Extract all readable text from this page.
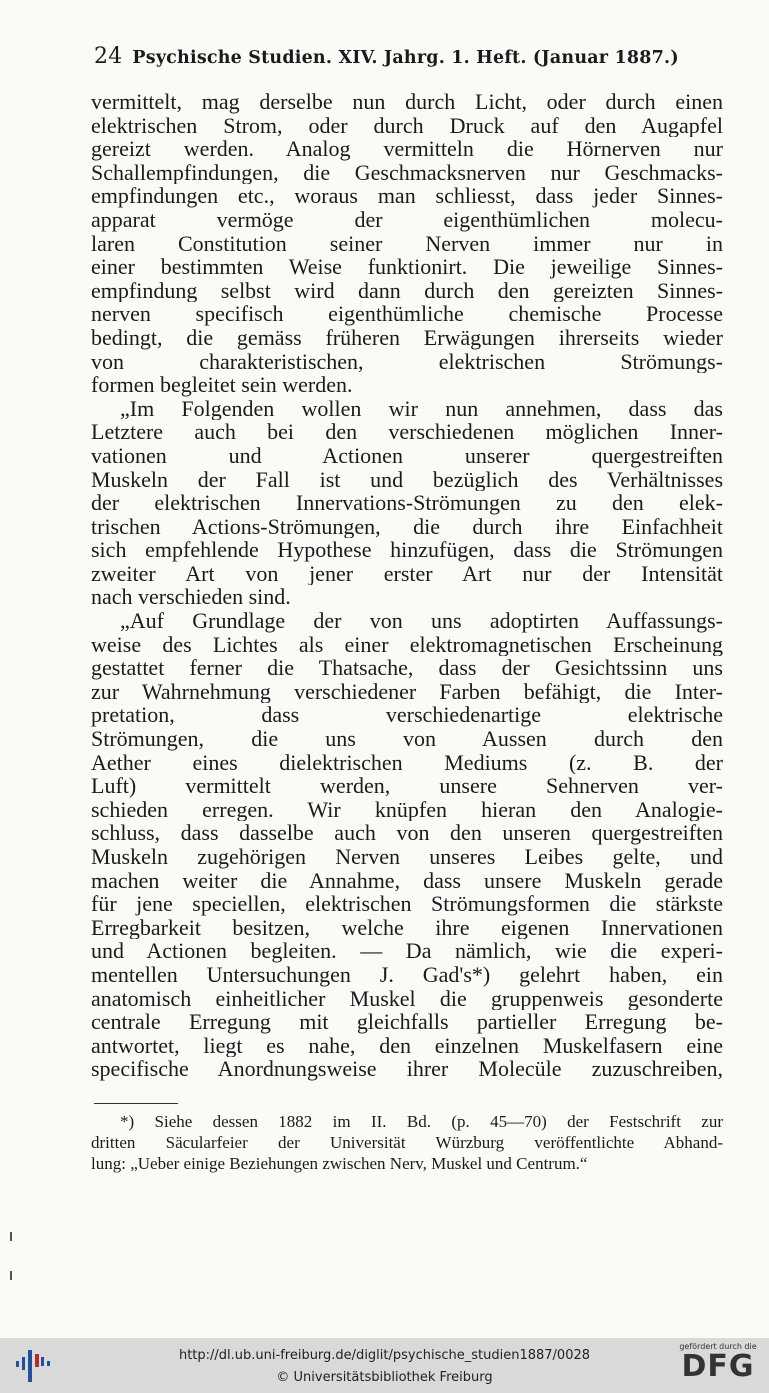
24 Psychische Studien. XIV. Jahrg. 1. Heft. (Januar 1887.)
vermittelt, mag derselbe nun durch Licht, oder durch einen
elektrischen Strom, oder durch Druck auf den Augapfel
gereizt werden. Analog vermitteln die Hörnerven nur
Schallempfindungen, die Geschmacksnerven nur Geschmacks-
empfindungen etc., woraus man schliesst, dass jeder Sinnes-
apparat vermöge der eigenthümlichen molecu-
laren Constitution seiner Nerven immer nur in
einer bestimmten Weise funktionirt. Die jeweilige Sinnes-
empfindung selbst wird dann durch den gereizten Sinnes-
nerven specifisch eigenthümliche chemische Processe
bedingt, die gemäss früheren Erwägungen ihrerseits wieder
von charakteristischen, elektrischen Strömungs-
formen begleitet sein werden.
„Im Folgenden wollen wir nun annehmen, dass das
Letztere auch bei den verschiedenen möglichen Inner-
vationen und Actionen unserer quergestreiften
Muskeln der Fall ist und bezüglich des Verhältnisses
der elektrischen Innervations-Strömungen zu den elek-
trischen Actions-Strömungen, die durch ihre Einfachheit
sich empfehlende Hypothese hinzufügen, dass die Strömungen
zweiter Art von jener erster Art nur der Intensität
nach verschieden sind.
„Auf Grundlage der von uns adoptirten Auffassungs-
weise des Lichtes als einer elektromagnetischen Erscheinung
gestattet ferner die Thatsache, dass der Gesichtssinn uns
zur Wahrnehmung verschiedener Farben befähigt, die Inter-
pretation, dass verschiedenartige elektrische
Strömungen, die uns von Aussen durch den
Aether eines dielektrischen Mediums (z. B. der
Luft) vermittelt werden, unsere Sehnerven ver-
schieden erregen. Wir knüpfen hieran den Analogie-
schluss, dass dasselbe auch von den unseren quergestreiften
Muskeln zugehörigen Nerven unseres Leibes gelte, und
machen weiter die Annahme, dass unsere Muskeln gerade
für jene speciellen, elektrischen Strömungsformen die stärkste
Erregbarkeit besitzen, welche ihre eigenen Innervationen
und Actionen begleiten. — Da nämlich, wie die experi-
mentellen Untersuchungen J. Gad's*) gelehrt haben, ein
anatomisch einheitlicher Muskel die gruppenweis gesonderte
centrale Erregung mit gleichfalls partieller Erregung be-
antwortet, liegt es nahe, den einzelnen Muskelfasern eine
specifische Anordnungsweise ihrer Molecüle zuzuschreiben,
*) Siehe dessen 1882 im II. Bd. (p. 45—70) der Festschrift zur
dritten Säcularfeier der Universität Würzburg veröffentlichte Abhand-
lung: „Ueber einige Beziehungen zwischen Nerv, Muskel und Centrum.“
http://dl.ub.uni-freiburg.de/diglit/psychische_studien1887/0028
© Universitätsbibliothek Freiburg
gefördert durch die
DFG
